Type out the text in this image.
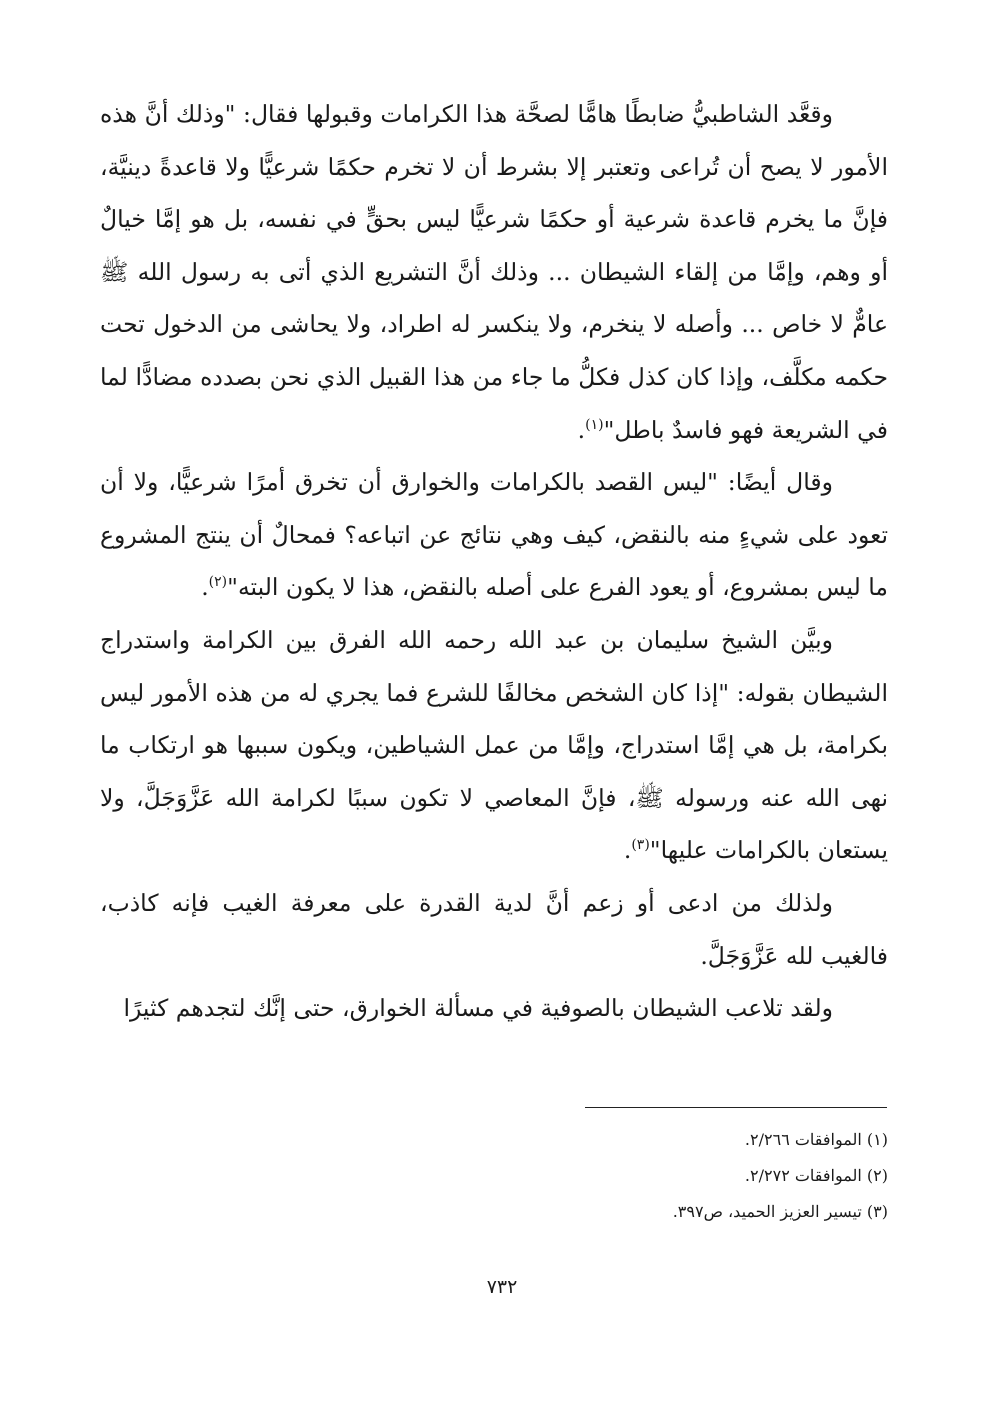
وقعَّد الشاطبيُّ ضابطًا هامًّا لصحَّة هذا الكرامات وقبولها فقال: "وذلك أنَّ هذه الأمور لا يصح أن تُراعى وتعتبر إلا بشرط أن لا تخرم حكمًا شرعيًّا ولا قاعدةً دينيَّة، فإنَّ ما يخرم قاعدة شرعية أو حكمًا شرعيًّا ليس بحقٍّ في نفسه، بل هو إمَّا خيالٌ أو وهم، وإمَّا من إلقاء الشيطان ... وذلك أنَّ التشريع الذي أتى به رسول الله ﷺ عامٌّ لا خاص ... وأصله لا ينخرم، ولا ينكسر له اطراد، ولا يحاشى من الدخول تحت حكمه مكلَّف، وإذا كان كذل فكلُّ ما جاء من هذا القبيل الذي نحن بصدده مضادًّا لما في الشريعة فهو فاسدٌ باطل"$^{(١)}$.

وقال أيضًا: "ليس القصد بالكرامات والخوارق أن تخرق أمرًا شرعيًّا، ولا أن تعود على شيءٍ منه بالنقض، كيف وهي نتائج عن اتباعه؟ فمحالٌ أن ينتج المشروع ما ليس بمشروع، أو يعود الفرع على أصله بالنقض، هذا لا يكون البته"$^{(٢)}$.

وبيَّن الشيخ سليمان بن عبد الله رحمه الله الفرق بين الكرامة واستدراج الشيطان بقوله: "إذا كان الشخص مخالفًا للشرع فما يجري له من هذه الأمور ليس بكرامة، بل هي إمَّا استدراج، وإمَّا من عمل الشياطين، ويكون سببها هو ارتكاب ما نهى الله عنه ورسوله ﷺ، فإنَّ المعاصي لا تكون سببًا لكرامة الله عَزَّوَجَلَّ، ولا يستعان بالكرامات عليها"$^{(٣)}$.

ولذلك من ادعى أو زعم أنَّ لدية القدرة على معرفة الغيب فإنه كاذب، فالغيب لله عَزَّوَجَلَّ.

ولقد تلاعب الشيطان بالصوفية في مسألة الخوارق، حتى إنَّك لتجدهم كثيرًا

(١) الموافقات ٢/٢٦٦.

(٢) الموافقات ٢/٢٧٢.

(٣) تيسير العزيز الحميد، ص٣٩٧.

٧٣٢
